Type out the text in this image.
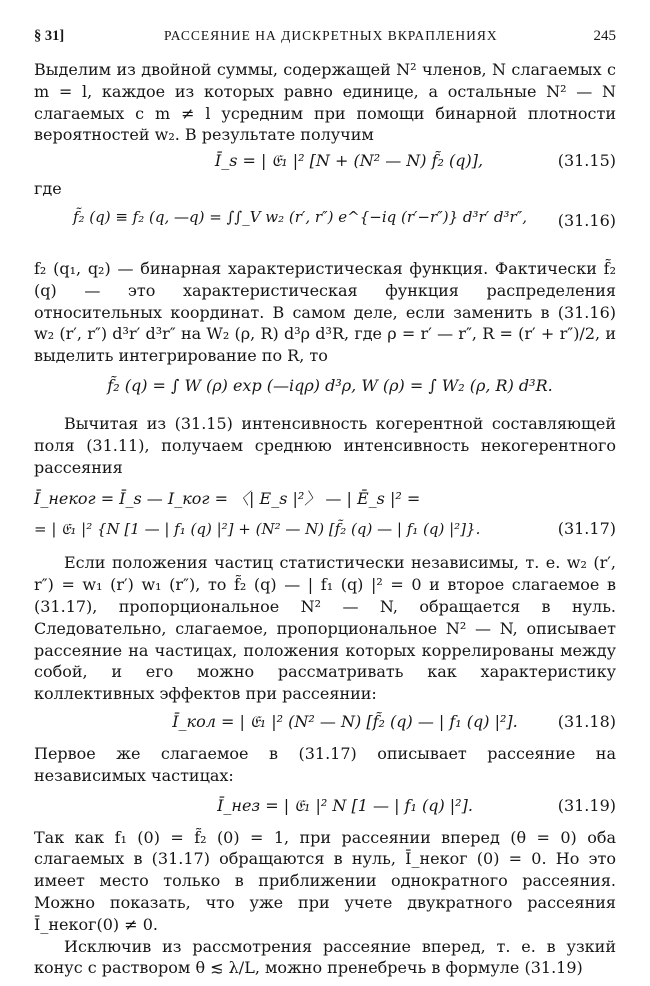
§ 31]	РАССЕЯНИЕ НА ДИСКРЕТНЫХ ВКРАПЛЕНИЯХ	245

Выделим из двойной суммы, содержащей N² членов, N слагаемых с m = l, каждое из которых равно единице, а остальные N² — N слагаемых с m ≠ l усредним при помощи бинарной плотности вероятностей w₂. В результате получим

Ī_s = | 𝔈₁ |² [N + (N² — N) f̃₂ (q)],	(31.15)

где

f̃₂ (q) ≡ f₂ (q, —q) = ∫∫_V w₂ (r′, r″) e^{−iq (r′−r″)} d³r′ d³r″,	(31.16)

f₂ (q₁, q₂) — бинарная характеристическая функция. Фактически f̃₂ (q) — это характеристическая функция распределения относительных координат. В самом деле, если заменить в (31.16) w₂ (r′, r″) d³r′ d³r″ на W₂ (ρ, R) d³ρ d³R, где ρ = r′ — r″, R = (r′ + r″)/2, и выделить интегрирование по R, то

f̃₂ (q) = ∫ W (ρ) exp (—iqρ) d³ρ, W (ρ) = ∫ W₂ (ρ, R) d³R.

Вычитая из (31.15) интенсивность когерентной составляющей поля (31.11), получаем среднюю интенсивность некогерентного рассеяния

Ī_неког = Ī_s — I_ког = 〈| E_s |²〉 — | Ē_s |² =
= | 𝔈₁ |² {N [1 — | f₁ (q) |²] + (N² — N) [f̃₂ (q) — | f₁ (q) |²]}.	(31.17)

Если положения частиц статистически независимы, т. е. w₂ (r′, r″) = w₁ (r′) w₁ (r″), то f̃₂ (q) — | f₁ (q) |² = 0 и второе слагаемое в (31.17), пропорциональное N² — N, обращается в нуль. Следовательно, слагаемое, пропорциональное N² — N, описывает рассеяние на частицах, положения которых коррелированы между собой, и его можно рассматривать как характеристику коллективных эффектов при рассеянии:

Ī_кол = | 𝔈₁ |² (N² — N) [f̃₂ (q) — | f₁ (q) |²].	(31.18)

Первое же слагаемое в (31.17) описывает рассеяние на независимых частицах:

Ī_нез = | 𝔈₁ |² N [1 — | f₁ (q) |²].	(31.19)

Так как f₁ (0) = f̃₂ (0) = 1, при рассеянии вперед (θ = 0) оба слагаемых в (31.17) обращаются в нуль, Ī_неког (0) = 0. Но это имеет место только в приближении однократного рассеяния. Можно показать, что уже при учете двукратного рассеяния Ī_неког(0) ≠ 0.

Исключив из рассмотрения рассеяние вперед, т. е. в узкий конус с раствором θ ≲ λ/L, можно пренебречь в формуле (31.19)
